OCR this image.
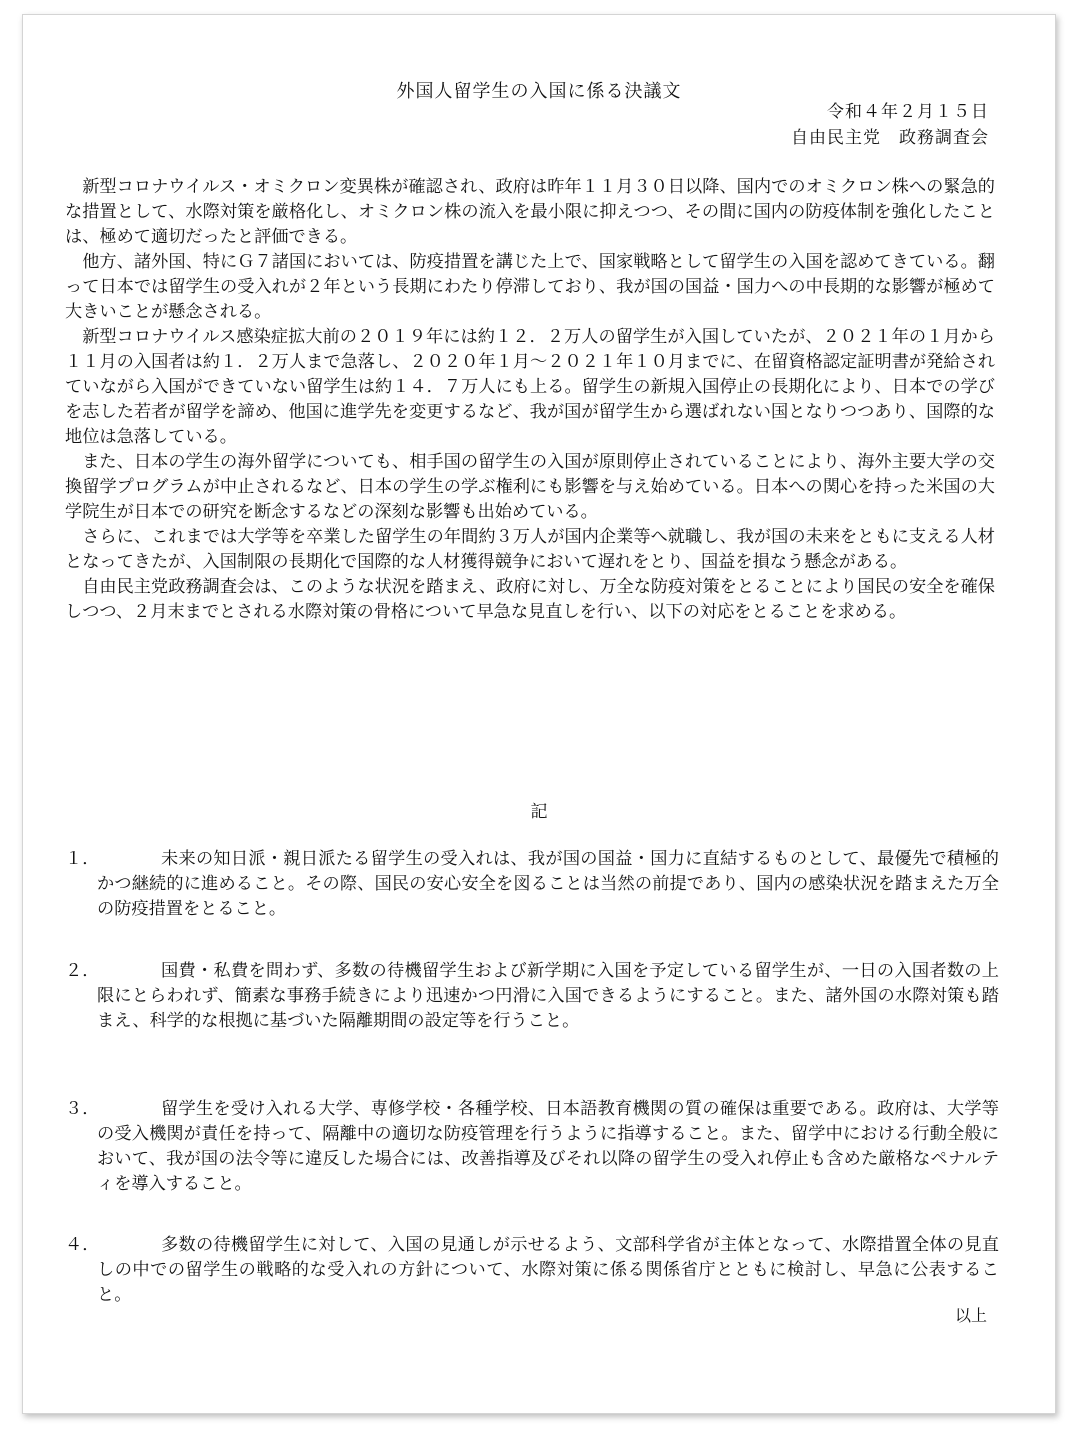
外国人留学生の入国に係る決議文
令和４年２月１５日
自由民主党　政務調査会

新型コロナウイルス・オミクロン変異株が確認され、政府は昨年１１月３０日以降、国内でのオミクロン株への緊急的な措置として、水際対策を厳格化し、オミクロン株の流入を最小限に抑えつつ、その間に国内の防疫体制を強化したことは、極めて適切だったと評価できる。

他方、諸外国、特にＧ７諸国においては、防疫措置を講じた上で、国家戦略として留学生の入国を認めてきている。翻って日本では留学生の受入れが２年という長期にわたり停滞しており、我が国の国益・国力への中長期的な影響が極めて大きいことが懸念される。

新型コロナウイルス感染症拡大前の２０１９年には約１２．２万人の留学生が入国していたが、２０２１年の１月から１１月の入国者は約１．２万人まで急落し、２０２０年１月～２０２１年１０月までに、在留資格認定証明書が発給されていながら入国ができていない留学生は約１４．７万人にも上る。留学生の新規入国停止の長期化により、日本での学びを志した若者が留学を諦め、他国に進学先を変更するなど、我が国が留学生から選ばれない国となりつつあり、国際的な地位は急落している。

また、日本の学生の海外留学についても、相手国の留学生の入国が原則停止されていることにより、海外主要大学の交換留学プログラムが中止されるなど、日本の学生の学ぶ権利にも影響を与え始めている。日本への関心を持った米国の大学院生が日本での研究を断念するなどの深刻な影響も出始めている。

さらに、これまでは大学等を卒業した留学生の年間約３万人が国内企業等へ就職し、我が国の未来をともに支える人材となってきたが、入国制限の長期化で国際的な人材獲得競争において遅れをとり、国益を損なう懸念がある。

自由民主党政務調査会は、このような状況を踏まえ、政府に対し、万全な防疫対策をとることにより国民の安全を確保しつつ、２月末までとされる水際対策の骨格について早急な見直しを行い、以下の対応をとることを求める。

記
１．	未来の知日派・親日派たる留学生の受入れは、我が国の国益・国力に直結するものとして、最優先で積極的かつ継続的に進めること。その際、国民の安心安全を図ることは当然の前提であり、国内の感染状況を踏まえた万全の防疫措置をとること。

２．	国費・私費を問わず、多数の待機留学生および新学期に入国を予定している留学生が、一日の入国者数の上限にとらわれず、簡素な事務手続きにより迅速かつ円滑に入国できるようにすること。また、諸外国の水際対策も踏まえ、科学的な根拠に基づいた隔離期間の設定等を行うこと。

３．	留学生を受け入れる大学、専修学校・各種学校、日本語教育機関の質の確保は重要である。政府は、大学等の受入機関が責任を持って、隔離中の適切な防疫管理を行うように指導すること。また、留学中における行動全般において、我が国の法令等に違反した場合には、改善指導及びそれ以降の留学生の受入れ停止も含めた厳格なペナルティを導入すること。

４．	多数の待機留学生に対して、入国の見通しが示せるよう、文部科学省が主体となって、水際措置全体の見直しの中での留学生の戦略的な受入れの方針について、水際対策に係る関係省庁とともに検討し、早急に公表すること。

以上
